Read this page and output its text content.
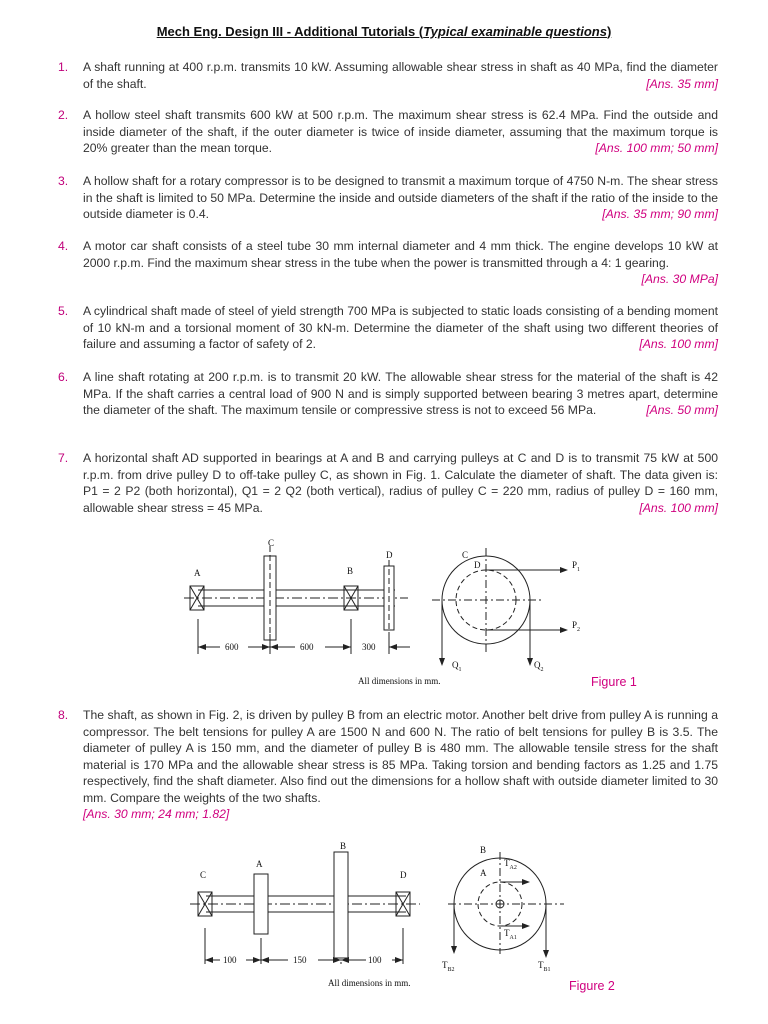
Mech Eng. Design III - Additional Tutorials (Typical examinable questions)
1. A shaft running at 400 r.p.m. transmits 10 kW. Assuming allowable shear stress in shaft as 40 MPa, find the diameter of the shaft.	[Ans. 35 mm]
2. A hollow steel shaft transmits 600 kW at 500 r.p.m. The maximum shear stress is 62.4 MPa. Find the outside and inside diameter of the shaft, if the outer diameter is twice of inside diameter, assuming that the maximum torque is 20% greater than the mean torque.	[Ans. 100 mm; 50 mm]
3. A hollow shaft for a rotary compressor is to be designed to transmit a maximum torque of 4750 N-m. The shear stress in the shaft is limited to 50 MPa. Determine the inside and outside diameters of the shaft if the ratio of the inside to the outside diameter is 0.4.	[Ans. 35 mm; 90 mm]
4. A motor car shaft consists of a steel tube 30 mm internal diameter and 4 mm thick. The engine develops 10 kW at 2000 r.p.m. Find the maximum shear stress in the tube when the power is transmitted through a 4: 1 gearing.
[Ans. 30 MPa]
5. A cylindrical shaft made of steel of yield strength 700 MPa is subjected to static loads consisting of a bending moment of 10 kN-m and a torsional moment of 30 kN-m. Determine the diameter of the shaft using two different theories of failure and assuming a factor of safety of 2.	[Ans. 100 mm]
6. A line shaft rotating at 200 r.p.m. is to transmit 20 kW. The allowable shear stress for the material of the shaft is 42 MPa. If the shaft carries a central load of 900 N and is simply supported between bearing 3 metres apart, determine the diameter of the shaft. The maximum tensile or compressive stress is not to exceed 56 MPa.	[Ans. 50 mm]
7. A horizontal shaft AD supported in bearings at A and B and carrying pulleys at C and D is to transmit 75 kW at 500 r.p.m. from drive pulley D to off-take pulley C, as shown in Fig. 1. Calculate the diameter of shaft. The data given is: P1 = 2 P2 (both horizontal), Q1 = 2 Q2 (both vertical), radius of pulley C = 220 mm, radius of pulley D = 160 mm, allowable shear stress = 45 MPa.	[Ans. 100 mm]
A
C
B
D	C
D	$P_1$
$P_2$
$Q_1$	$Q_2$
600	600	300
All dimensions in mm.	Figure 1
8. The shaft, as shown in Fig. 2, is driven by pulley B from an electric motor. Another belt drive from pulley A is running a compressor. The belt tensions for pulley A are 1500 N and 600 N. The ratio of belt tensions for pulley B is 3.5. The diameter of pulley A is 150 mm, and the diameter of pulley B is 480 mm. The allowable tensile stress for the shaft material is 170 MPa and the allowable shear stress is 85 MPa. Taking torsion and bending factors as 1.25 and 1.75 respectively, find the shaft diameter. Also find out the dimensions for a hollow shaft with outside diameter limited to 30 mm. Compare the weights of the two shafts.
[Ans. 30 mm; 24 mm; 1.82]
C
A
B
D
B
A
$T_{A2}$
$T_{A1}$
$T_{B2}$	$T_{B1}$
100	150	100
All dimensions in mm.	Figure 2
